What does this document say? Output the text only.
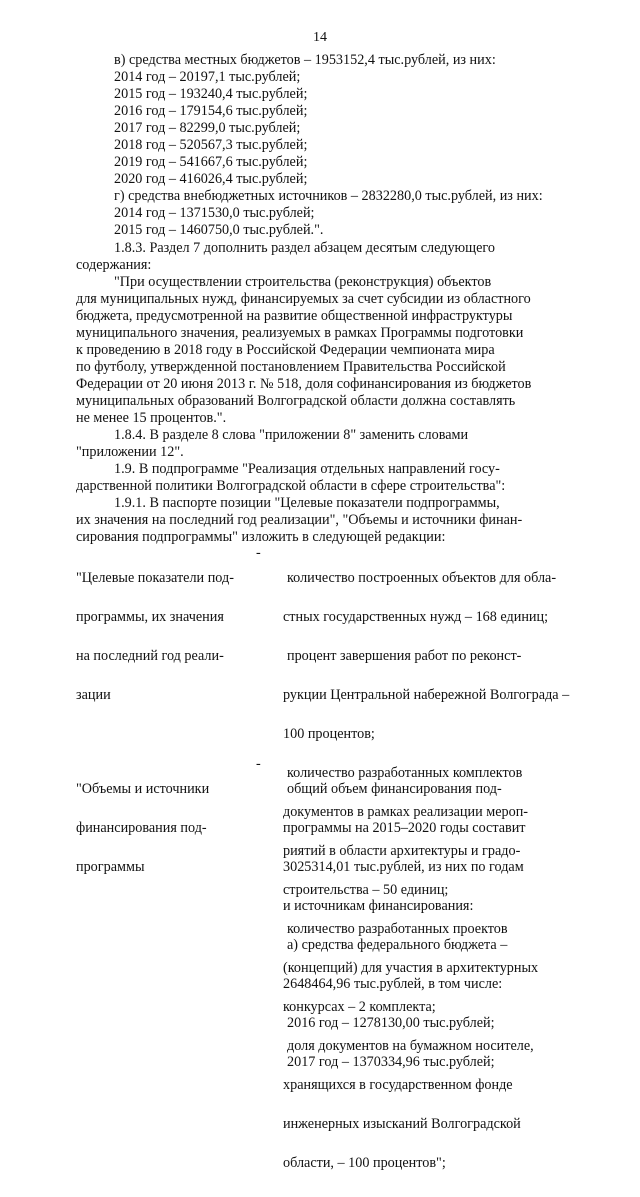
14
в) средства местных бюджетов – 1953152,4 тыс.рублей, из них:
2014 год – 20197,1 тыс.рублей;
2015 год – 193240,4 тыс.рублей;
2016 год – 179154,6 тыс.рублей;
2017 год – 82299,0 тыс.рублей;
2018 год – 520567,3 тыс.рублей;
2019 год – 541667,6 тыс.рублей;
2020 год – 416026,4 тыс.рублей;
г) средства внебюджетных источников – 2832280,0 тыс.рублей, из них:
2014 год – 1371530,0 тыс.рублей;
2015 год – 1460750,0 тыс.рублей.".
1.8.3. Раздел 7 дополнить раздел абзацем десятым следующего
содержания:
"При осуществлении строительства (реконструкция) объектов
для муниципальных нужд, финансируемых за счет субсидии из областного
бюджета, предусмотренной на развитие общественной инфраструктуры
муниципального значения, реализуемых в рамках Программы подготовки
к проведению в 2018 году в Российской Федерации чемпионата мира
по футболу, утвержденной постановлением Правительства Российской
Федерации от 20 июня 2013 г. № 518, доля софинансирования из бюджетов
муниципальных образований Волгоградской области должна составлять
не менее 15 процентов.".
1.8.4. В разделе 8 слова "приложении 8" заменить словами
"приложении 12".
1.9. В подпрограмме "Реализация отдельных направлений госу-
дарственной политики Волгоградской области в сфере строительства":
1.9.1. В паспорте позиции "Целевые показатели подпрограммы,
их значения на последний год реализации", "Объемы и источники финан-
сирования подпрограммы" изложить в следующей редакции:

"Целевые показатели под-

программы, их значения

на последний год реали-

зации

-

количество построенных объектов для обла-

стных государственных нужд – 168 единиц;

процент завершения работ по реконст-

рукции Центральной набережной Волгограда –

100 процентов;

количество разработанных комплектов

документов в рамках реализации мероп-

риятий в области архитектуры и градо-

строительства – 50 единиц;

количество разработанных проектов

(концепций) для участия в архитектурных

конкурсах – 2 комплекта;

доля документов на бумажном носителе,

хранящихся в государственном фонде

инженерных изысканий Волгоградской

области, – 100 процентов";

"Объемы и источники

финансирования под-

программы

-

общий объем финансирования под-

программы на 2015–2020 годы составит

3025314,01 тыс.рублей, из них по годам

и источникам финансирования:

а) средства федерального бюджета –

2648464,96 тыс.рублей, в том числе:

2016 год – 1278130,00 тыс.рублей;

2017 год – 1370334,96 тыс.рублей;
